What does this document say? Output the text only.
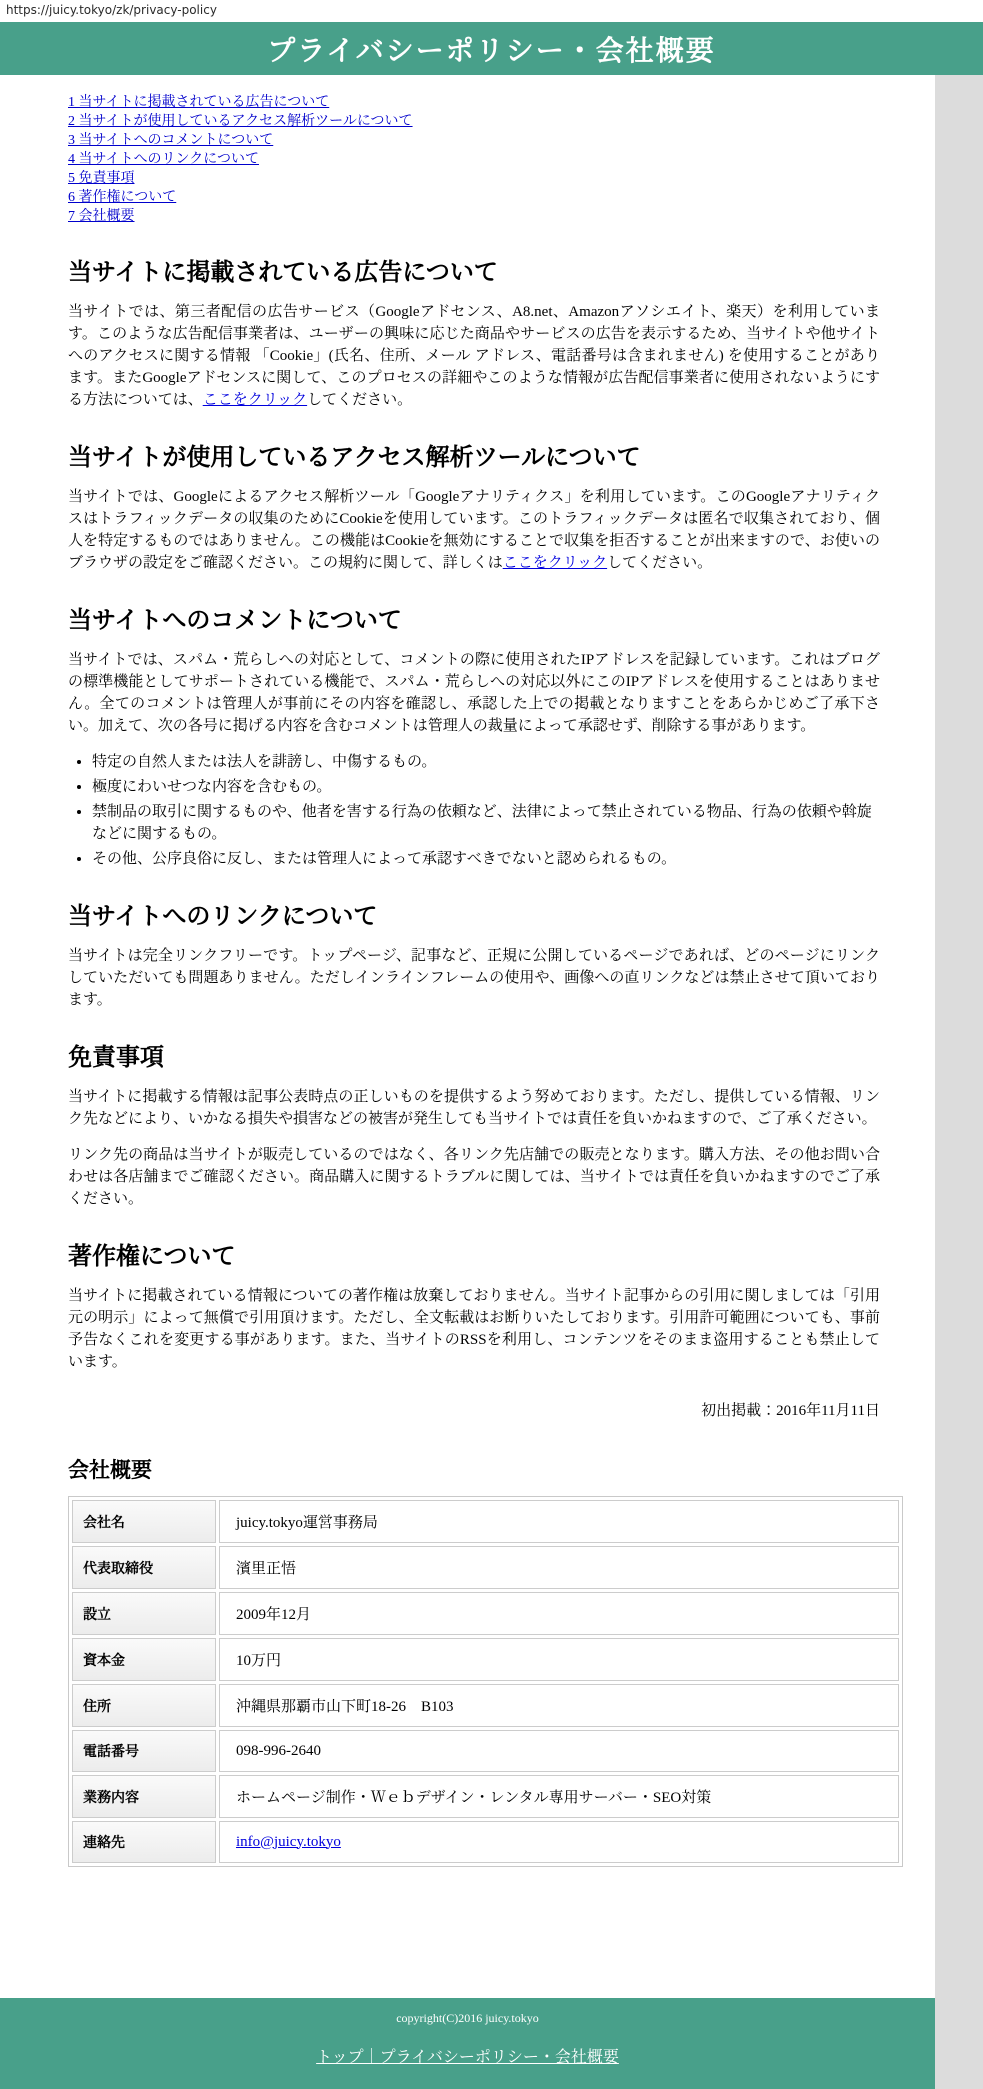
https://juicy.tokyo/zk/privacy-policy
プライバシーポリシー・会社概要
1 当サイトに掲載されている広告について
2 当サイトが使用しているアクセス解析ツールについて
3 当サイトへのコメントについて
4 当サイトへのリンクについて
5 免責事項
6 著作権について
7 会社概要
当サイトに掲載されている広告について

当サイトでは、第三者配信の広告サービス（Googleアドセンス、A8.net、Amazonアソシエイト、楽天）を利用しています。このような広告配信事業者は、ユーザーの興味に応じた商品やサービスの広告を表示するため、当サイトや他サイトへのアクセスに関する情報 「Cookie」(氏名、住所、メール アドレス、電話番号は含まれません) を使用することがあります。またGoogleアドセンスに関して、このプロセスの詳細やこのような情報が広告配信事業者に使用されないようにする方法については、ここをクリックしてください。

当サイトが使用しているアクセス解析ツールについて

当サイトでは、Googleによるアクセス解析ツール「Googleアナリティクス」を利用しています。このGoogleアナリティクスはトラフィックデータの収集のためにCookieを使用しています。このトラフィックデータは匿名で収集されており、個人を特定するものではありません。この機能はCookieを無効にすることで収集を拒否することが出来ますので、お使いのブラウザの設定をご確認ください。この規約に関して、詳しくはここをクリックしてください。

当サイトへのコメントについて

当サイトでは、スパム・荒らしへの対応として、コメントの際に使用されたIPアドレスを記録しています。これはブログの標準機能としてサポートされている機能で、スパム・荒らしへの対応以外にこのIPアドレスを使用することはありません。全てのコメントは管理人が事前にその内容を確認し、承認した上での掲載となりますことをあらかじめご了承下さい。加えて、次の各号に掲げる内容を含むコメントは管理人の裁量によって承認せず、削除する事があります。

• 特定の自然人または法人を誹謗し、中傷するもの。
• 極度にわいせつな内容を含むもの。
• 禁制品の取引に関するものや、他者を害する行為の依頼など、法律によって禁止されている物品、行為の依頼や斡旋などに関するもの。
• その他、公序良俗に反し、または管理人によって承認すべきでないと認められるもの。
当サイトへのリンクについて

当サイトは完全リンクフリーです。トップページ、記事など、正規に公開しているページであれば、どのページにリンクしていただいても問題ありません。ただしインラインフレームの使用や、画像への直リンクなどは禁止させて頂いております。

免責事項

当サイトに掲載する情報は記事公表時点の正しいものを提供するよう努めております。ただし、提供している情報、リンク先などにより、いかなる損失や損害などの被害が発生しても当サイトでは責任を負いかねますので、ご了承ください。

リンク先の商品は当サイトが販売しているのではなく、各リンク先店舗での販売となります。購入方法、その他お問い合わせは各店舗までご確認ください。商品購入に関するトラブルに関しては、当サイトでは責任を負いかねますのでご了承ください。

著作権について

当サイトに掲載されている情報についての著作権は放棄しておりません。当サイト記事からの引用に関しましては「引用元の明示」によって無償で引用頂けます。ただし、全文転載はお断りいたしております。引用許可範囲についても、事前予告なくこれを変更する事があります。また、当サイトのRSSを利用し、コンテンツをそのまま盗用することも禁止しています。

初出掲載：2016年11月11日
会社概要
会社名	juicy.tokyo運営事務局
代表取締役	濱里正悟
設立	2009年12月
資本金	10万円
住所	沖縄県那覇市山下町18-26　B103
電話番号	098-996-2640
業務内容	ホームページ制作・Ｗｅｂデザイン・レンタル専用サーバー・SEO対策
連絡先	info@juicy.tokyo

copyright(C)2016 juicy.tokyo

トップ｜プライバシーポリシー・会社概要
